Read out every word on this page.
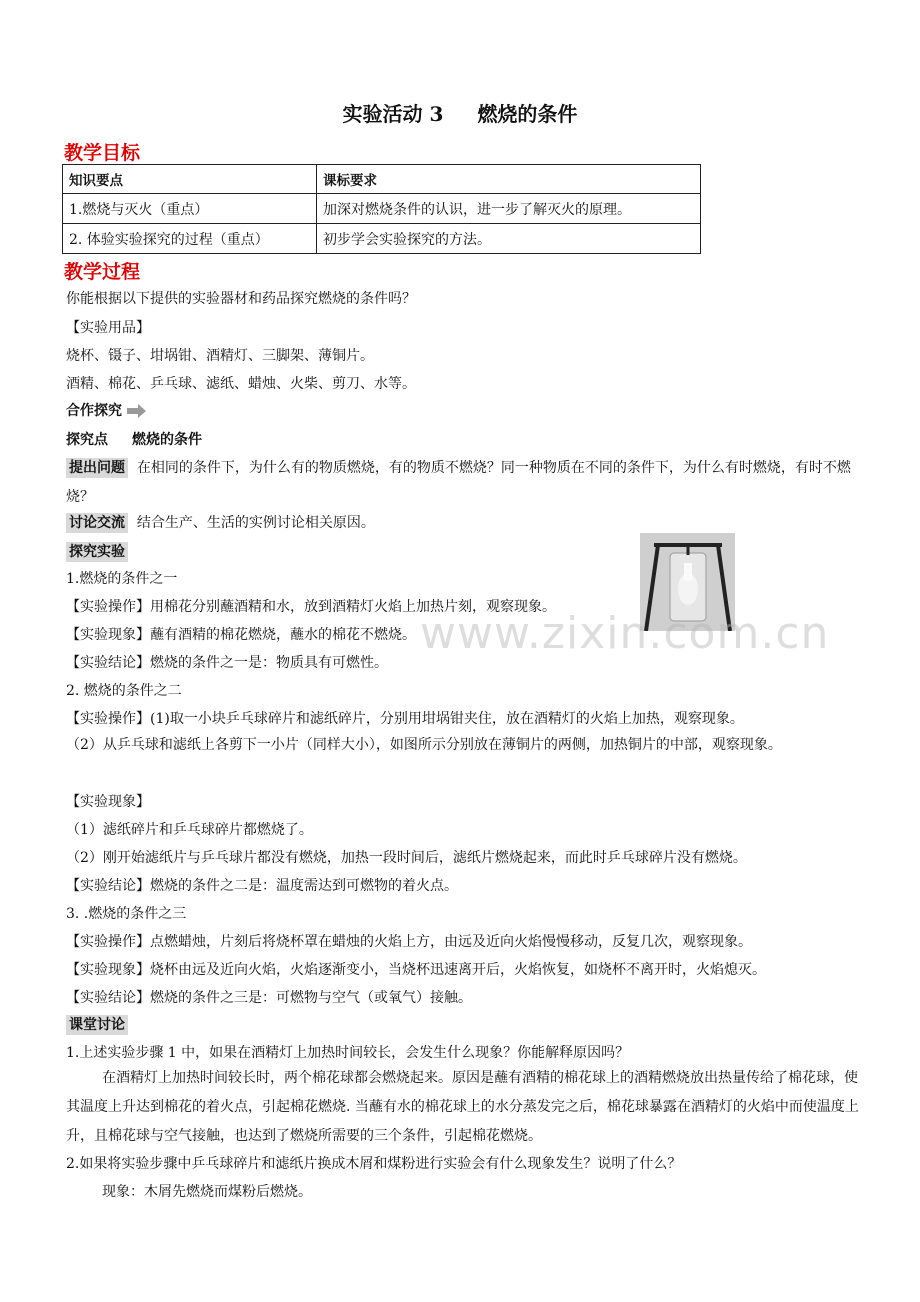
实验活动 3 燃烧的条件
教学目标
知识要点	课标要求
1.燃烧与灭火（重点）	加深对燃烧条件的认识，进一步了解灭火的原理。
2. 体验实验探究的过程（重点）	初步学会实验探究的方法。
教学过程
你能根据以下提供的实验器材和药品探究燃烧的条件吗？
【实验用品】
烧杯、镊子、坩埚钳、酒精灯、三脚架、薄铜片。
酒精、棉花、乒乓球、滤纸、蜡烛、火柴、剪刀、水等。
合作探究
探究点 燃烧的条件
提出问题 在相同的条件下，为什么有的物质燃烧，有的物质不燃烧？同一种物质在不同的条件下，为什么有时燃烧，有时不燃烧？
讨论交流 结合生产、生活的实例讨论相关原因。
探究实验
1.燃烧的条件之一
【实验操作】用棉花分别蘸酒精和水，放到酒精灯火焰上加热片刻，观察现象。
【实验现象】蘸有酒精的棉花燃烧，蘸水的棉花不燃烧。
【实验结论】燃烧的条件之一是：物质具有可燃性。
www.zixin.com.cn
2. 燃烧的条件之二
【实验操作】(1)取一小块乒乓球碎片和滤纸碎片，分别用坩埚钳夹住，放在酒精灯的火焰上加热，观察现象。
（2）从乒乓球和滤纸上各剪下一小片（同样大小），如图所示分别放在薄铜片的两侧，加热铜片的中部，观察现象。
【实验现象】
（1）滤纸碎片和乒乓球碎片都燃烧了。
（2）刚开始滤纸片与乒乓球片都没有燃烧，加热一段时间后，滤纸片燃烧起来，而此时乒乓球碎片没有燃烧。
【实验结论】燃烧的条件之二是：温度需达到可燃物的着火点。
3. .燃烧的条件之三
【实验操作】点燃蜡烛，片刻后将烧杯罩在蜡烛的火焰上方，由远及近向火焰慢慢移动，反复几次，观察现象。
【实验现象】烧杯由远及近向火焰，火焰逐渐变小，当烧杯迅速离开后，火焰恢复，如烧杯不离开时，火焰熄灭。
【实验结论】燃烧的条件之三是：可燃物与空气（或氧气）接触。
课堂讨论
1.上述实验步骤 1 中，如果在酒精灯上加热时间较长，会发生什么现象？你能解释原因吗？
在酒精灯上加热时间较长时，两个棉花球都会燃烧起来。原因是蘸有酒精的棉花球上的酒精燃烧放出热量传给了棉花球，使其温度上升达到棉花的着火点，引起棉花燃烧. 当蘸有水的棉花球上的水分蒸发完之后，棉花球暴露在酒精灯的火焰中而使温度上升，且棉花球与空气接触，也达到了燃烧所需要的三个条件，引起棉花燃烧。
2.如果将实验步骤中乒乓球碎片和滤纸片换成木屑和煤粉进行实验会有什么现象发生？说明了什么？
现象：木屑先燃烧而煤粉后燃烧。
